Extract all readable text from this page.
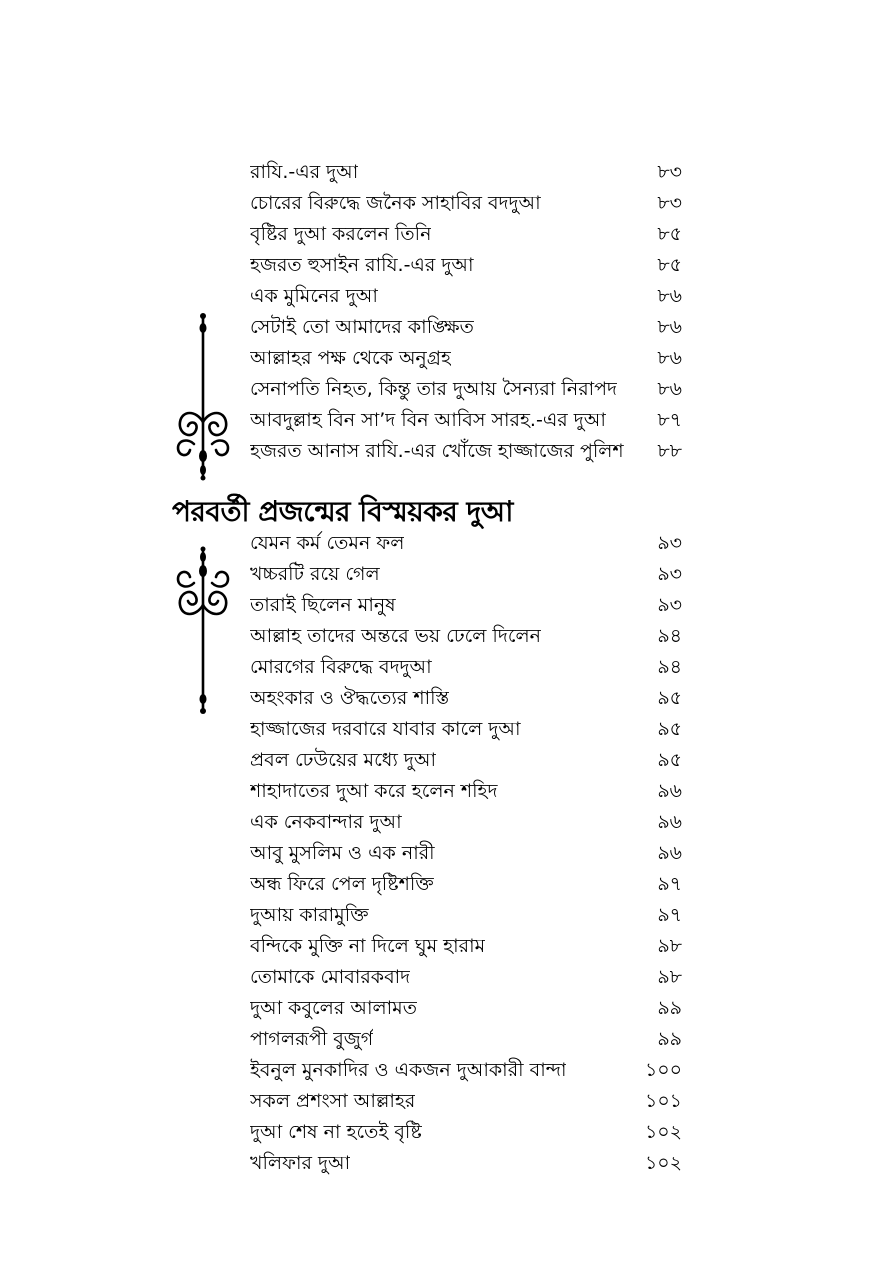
রাযি.-এর দুআ	৮৩
চোরের বিরুদ্ধে জনৈক সাহাবির বদদুআ	৮৩
বৃষ্টির দুআ করলেন তিনি	৮৫
হজরত হুসাইন রাযি.-এর দুআ	৮৫
এক মুমিনের দুআ	৮৬
সেটাই তো আমাদের কাঙ্ক্ষিত	৮৬
আল্লাহর পক্ষ থেকে অনুগ্রহ	৮৬
সেনাপতি নিহত, কিন্তু তার দুআয় সৈন্যরা নিরাপদ	৮৬
আবদুল্লাহ বিন সা’দ বিন আবিস সারহ.-এর দুআ	৮৭
হজরত আনাস রাযি.-এর খোঁজে হাজ্জাজের পুলিশ	৮৮
পরবর্তী প্রজন্মের বিস্ময়কর দুআ
যেমন কর্ম তেমন ফল	৯৩
খচ্চরটি রয়ে গেল	৯৩
তারাই ছিলেন মানুষ	৯৩
আল্লাহ তাদের অন্তরে ভয় ঢেলে দিলেন	৯৪
মোরগের বিরুদ্ধে বদদুআ	৯৪
অহংকার ও ঔদ্ধত্যের শাস্তি	৯৫
হাজ্জাজের দরবারে যাবার কালে দুআ	৯৫
প্রবল ঢেউয়ের মধ্যে দুআ	৯৫
শাহাদাতের দুআ করে হলেন শহিদ	৯৬
এক নেকবান্দার দুআ	৯৬
আবু মুসলিম ও এক নারী	৯৬
অন্ধ ফিরে পেল দৃষ্টিশক্তি	৯৭
দুআয় কারামুক্তি	৯৭
বন্দিকে মুক্তি না দিলে ঘুম হারাম	৯৮
তোমাকে মোবারকবাদ	৯৮
দুআ কবুলের আলামত	৯৯
পাগলরূপী বুজুর্গ	৯৯
ইবনুল মুনকাদির ও একজন দুআকারী বান্দা	১০০
সকল প্রশংসা আল্লাহর	১০১
দুআ শেষ না হতেই বৃষ্টি	১০২
খলিফার দুআ	১০২
